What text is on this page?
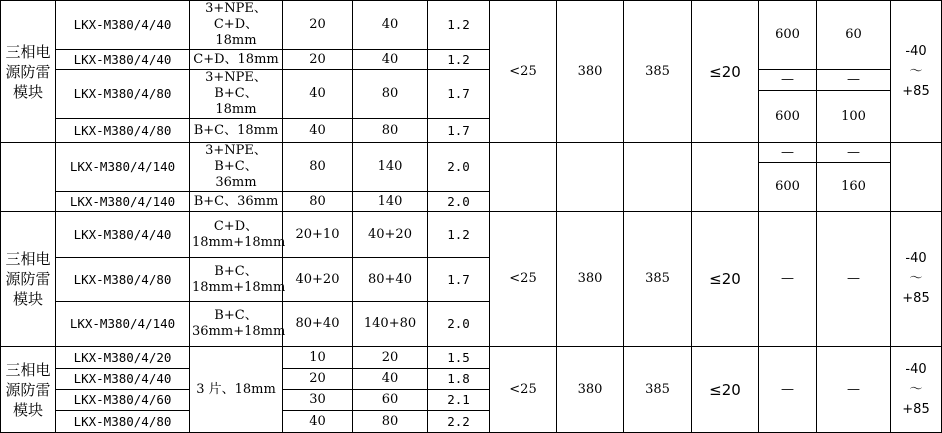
三相电
源防雷
模块	LKX-M380/4/40	3+NPE、C+D、
18mm	20	40	1.2	<25	380	385	≤20	600	60	-40
～
+85

	LKX-M380/4/40	C+D、18mm	20	40	1.2							
	LKX-M380/4/80	3+NPE、B+C、
18mm	40	80	1.7					—	—	
										600	100	
	LKX-M380/4/80	B+C、18mm	40	80	1.7							
	LKX-M380/4/140	3+NPE、B+C、
36mm	80	140	2.0					—	—	
										600	160	
	LKX-M380/4/140	B+C、36mm	80	140	2.0							

三相电
源防雷
模块	LKX-M380/4/40	C+D、
18mm+18mm	20+10	40+20	1.2	<25	380	385	≤20	—	—	-40
～
+85

	LKX-M380/4/80	B+C、
18mm+18mm	40+20	80+40	1.7							
	LKX-M380/4/140	B+C、
36mm+18mm	80+40	140+80	2.0							

三相电
源防雷
模块	LKX-M380/4/20	3 片、18mm	10	20	1.5	<25	380	385	≤20	—	—	-40
～
+85

	LKX-M380/4/40		20	40	1.8							
	LKX-M380/4/60		30	60	2.1							
	LKX-M380/4/80		40	80	2.2							
